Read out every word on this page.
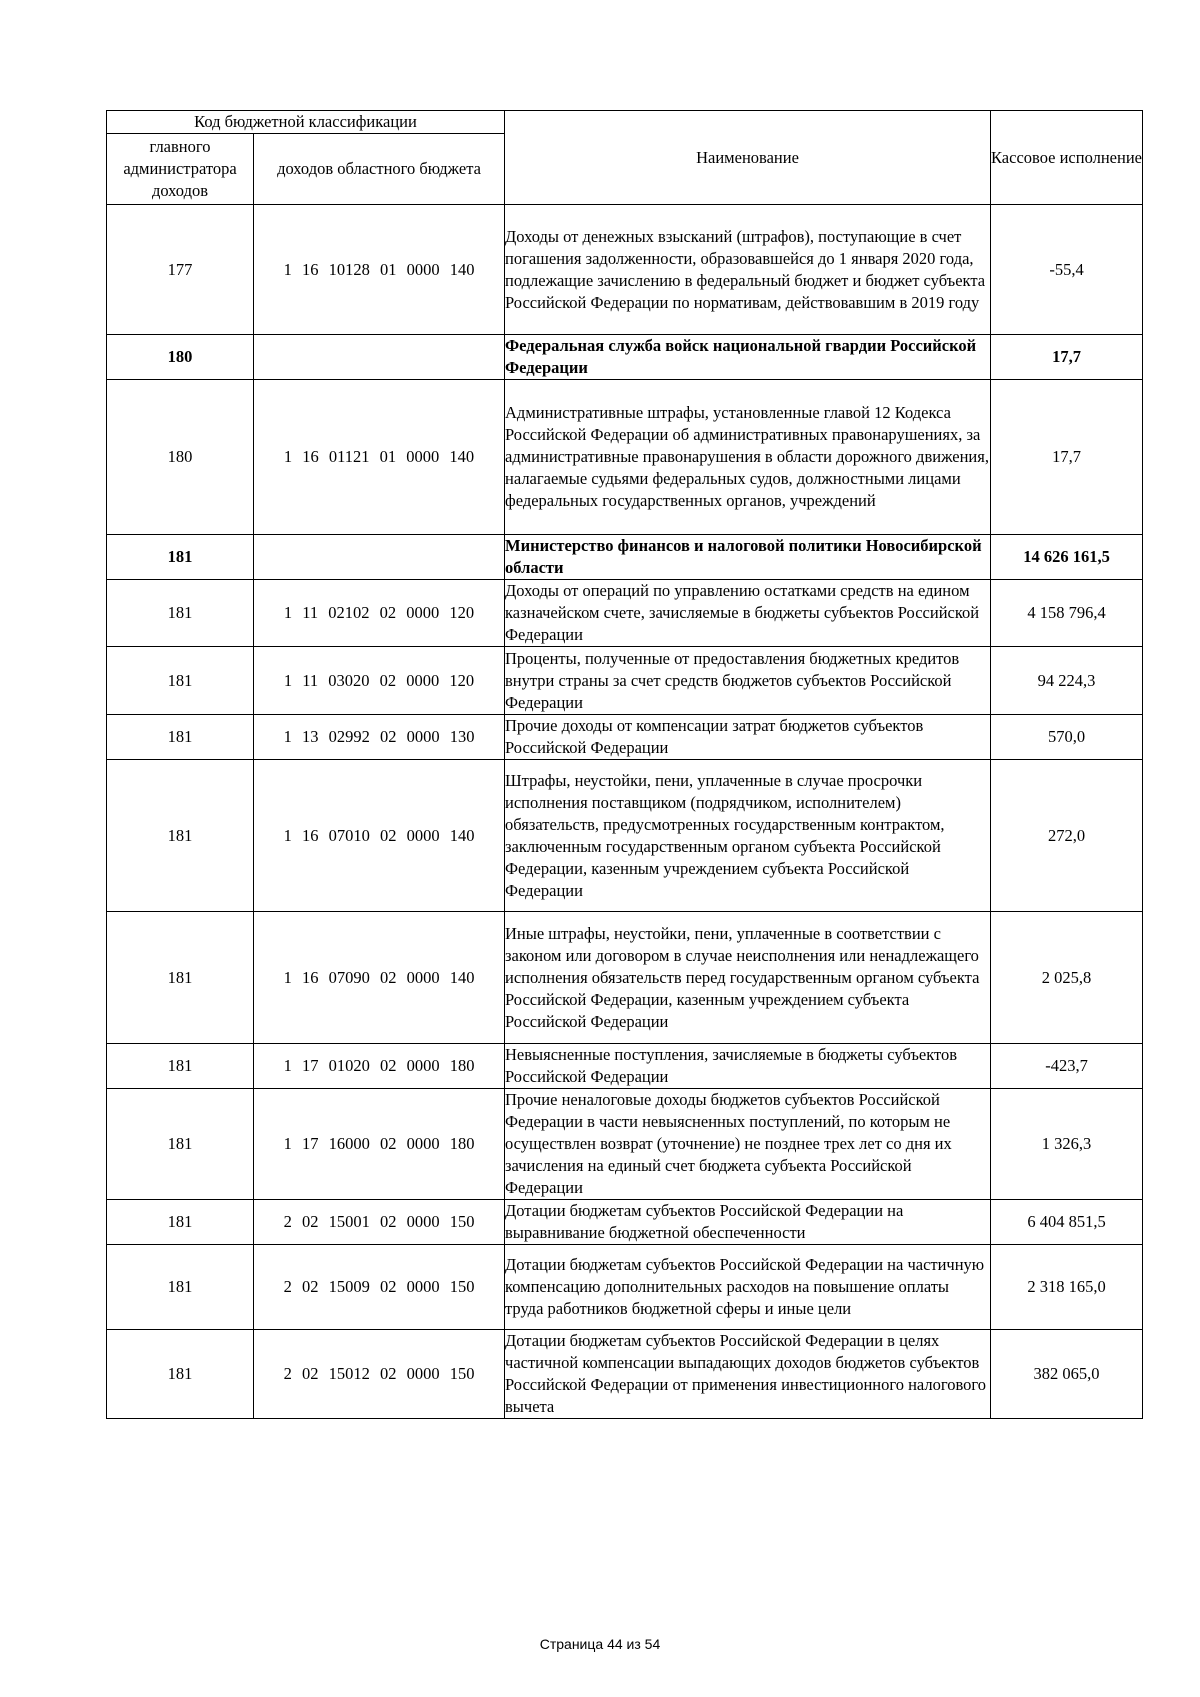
Код бюджетной классификации		Наименование	Кассовое исполнение
главного администратора доходов	доходов областного бюджета		
177	1 16 10128 01 0000 140	Доходы от денежных взысканий (штрафов), поступающие в счет погашения задолженности, образовавшейся до 1 января 2020 года, подлежащие зачислению в федеральный бюджет и бюджет субъекта Российской Федерации по нормативам, действовавшим в 2019 году	-55,4
180		Федеральная служба войск национальной гвардии Российской Федерации	17,7
180	1 16 01121 01 0000 140	Административные штрафы, установленные главой 12 Кодекса Российской Федерации об административных правонарушениях, за административные правонарушения в области дорожного движения, налагаемые судьями федеральных судов, должностными лицами федеральных государственных органов, учреждений	17,7
181		Министерство финансов и налоговой политики Новосибирской области	14 626 161,5
181	1 11 02102 02 0000 120	Доходы от операций по управлению остатками средств на едином казначейском счете, зачисляемые в бюджеты субъектов Российской Федерации	4 158 796,4
181	1 11 03020 02 0000 120	Проценты, полученные от предоставления бюджетных кредитов внутри страны за счет средств бюджетов субъектов Российской Федерации	94 224,3
181	1 13 02992 02 0000 130	Прочие доходы от компенсации затрат бюджетов субъектов Российской Федерации	570,0
181	1 16 07010 02 0000 140	Штрафы, неустойки, пени, уплаченные в случае просрочки исполнения поставщиком (подрядчиком, исполнителем) обязательств, предусмотренных государственным контрактом, заключенным государственным органом субъекта Российской Федерации, казенным учреждением субъекта Российской Федерации	272,0
181	1 16 07090 02 0000 140	Иные штрафы, неустойки, пени, уплаченные в соответствии с законом или договором в случае неисполнения или ненадлежащего исполнения обязательств перед государственным органом субъекта Российской Федерации, казенным учреждением субъекта Российской Федерации	2 025,8
181	1 17 01020 02 0000 180	Невыясненные поступления, зачисляемые в бюджеты субъектов Российской Федерации	-423,7
181	1 17 16000 02 0000 180	Прочие неналоговые доходы бюджетов субъектов Российской Федерации в части невыясненных поступлений, по которым не осуществлен возврат (уточнение) не позднее трех лет со дня их зачисления на единый счет бюджета субъекта Российской Федерации	1 326,3
181	2 02 15001 02 0000 150	Дотации бюджетам субъектов Российской Федерации на выравнивание бюджетной обеспеченности	6 404 851,5
181	2 02 15009 02 0000 150	Дотации бюджетам субъектов Российской Федерации на частичную компенсацию дополнительных расходов на повышение оплаты труда работников бюджетной сферы и иные цели	2 318 165,0
181	2 02 15012 02 0000 150	Дотации бюджетам субъектов Российской Федерации в целях частичной компенсации выпадающих доходов бюджетов субъектов Российской Федерации от применения инвестиционного налогового вычета	382 065,0
Страница 44 из 54
